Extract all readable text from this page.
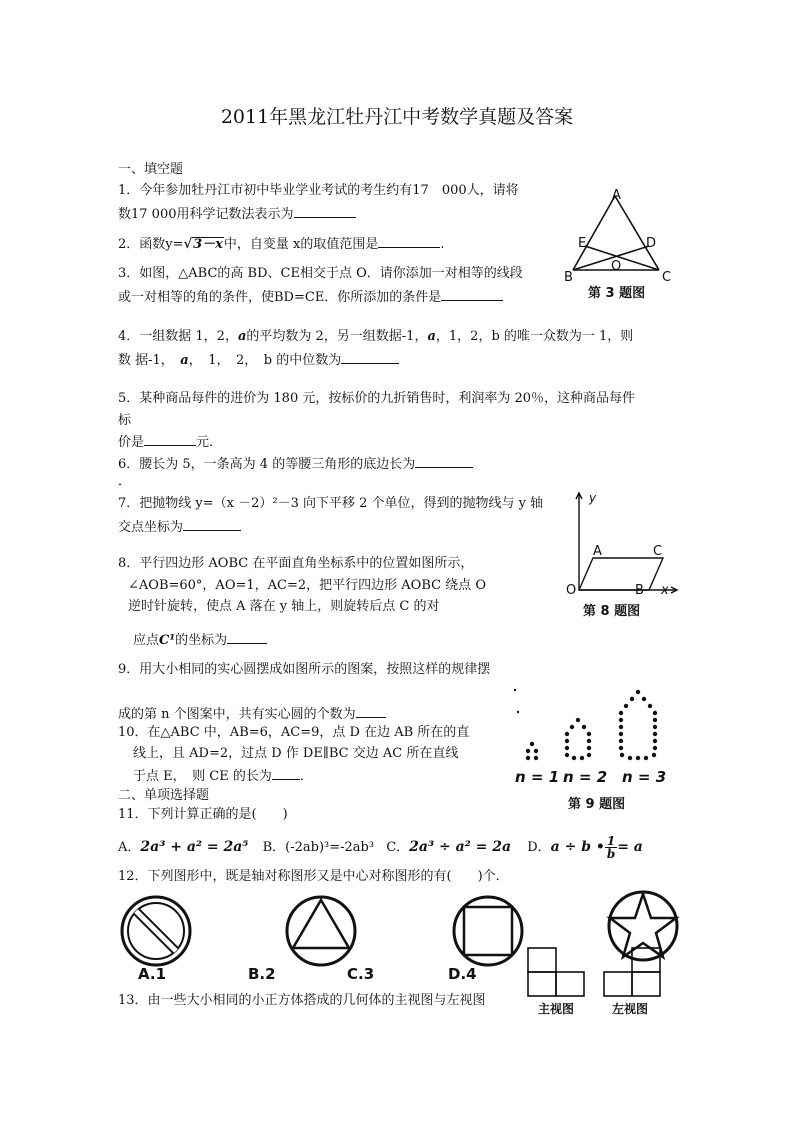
2011年黑龙江牡丹江中考数学真题及答案
一、填空题
1．今年参加牡丹江市初中毕业学业考试的考生约有17　000人，请将
数17 000用科学记数法表示为
2．函数y=√3－x中，自变量 x的取值范围是	.
3．如图，△ABC的高 BD、CE相交于点 O．请你添加一对相等的线段
或一对相等的角的条件，使BD=CE．你所添加的条件是
A
E	D
B
O
C
第 3 题图
4．一组数据 1，2，a的平均数为 2，另一组数据-1，a，1，2，b 的唯一众数为一 1，则
数 据-1，　a，　1，　2，　b 的中位数为
5．某种商品每件的进价为 180 元，按标价的九折销售时，利润率为 20％，这种商品每件
标
价是	元．
6．腰长为 5，一条高为 4 的等腰三角形的底边长为
．
7．把抛物线 y=（x －2）²－3 向下平移 2 个单位，得到的抛物线与 y 轴
交点坐标为
y
A	C
O	B x
第 8 题图
8．平行四边形 AOBC 在平面直角坐标系中的位置如图所示，
∠AOB=60°，AO=1，AC=2，把平行四边形 AOBC 绕点 O
逆时针旋转，使点 A 落在 y 轴上，则旋转后点 C 的对
应点C¹的坐标为
9．用大小相同的实心圆摆成如图所示的图案，按照这样的规律摆
成的第 n 个图案中，共有实心圆的个数为
n = 1 n = 2 n = 3
第 9 题图
10．在△ABC 中，AB=6，AC=9，点 D 在边 AB 所在的直
线上，且 AD=2，过点 D 作 DE∥BC 交边 AC 所在直线
于点 E，　则 CE 的长为 ．
二、单项选择题
11．下列计算正确的是(　　)
A．2a³ + a² = 2a⁵ B．(-2ab)³=-2ab³ C．2a³ ÷ a² = 2a D．a ÷ b • $\frac{1}{b} = a$
12．下列图形中，既是轴对称图形又是中心对称图形的有(　　)个．
A.1	B.2	C.3	D.4
主视图	左视图
13．由一些大小相同的小正方体搭成的几何体的主视图与左视图
